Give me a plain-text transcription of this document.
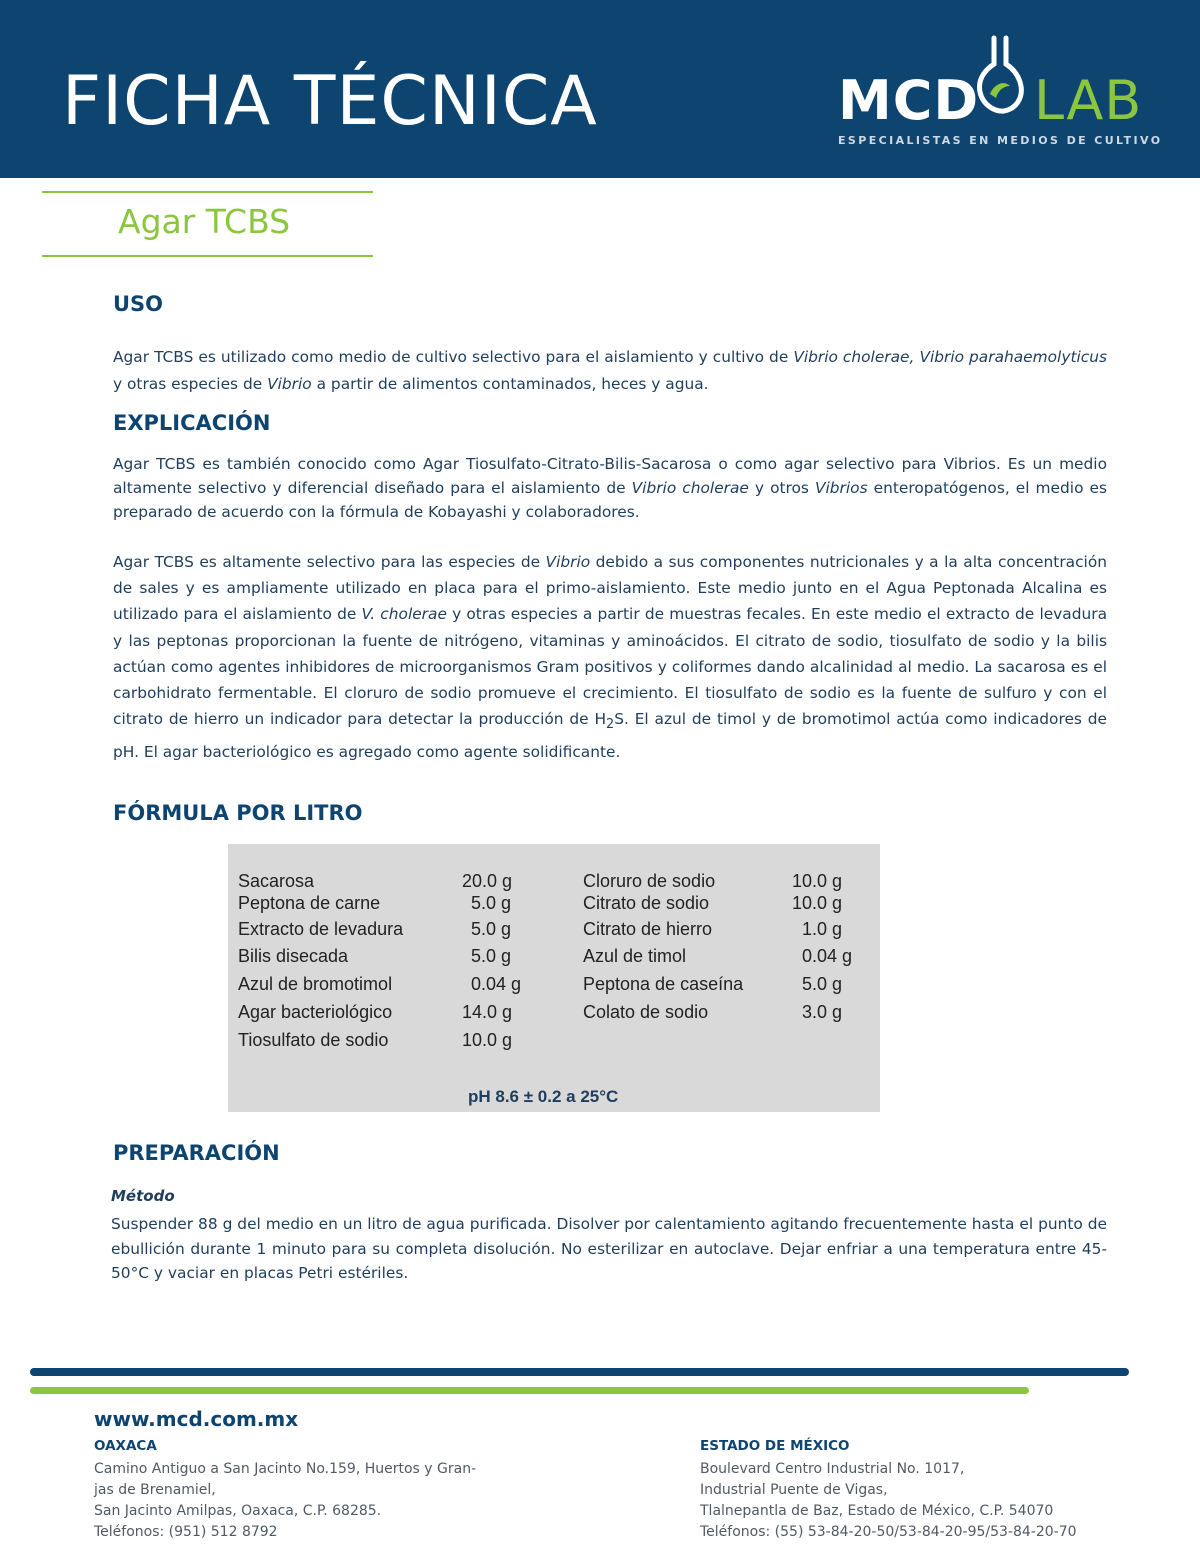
FICHA TÉCNICA	MCD LAB
ESPECIALISTAS EN MEDIOS DE CULTIVO
Agar TCBS
USO

Agar TCBS es utilizado como medio de cultivo selectivo para el aislamiento y cultivo de Vibrio cholerae, Vibrio parahaemolyticus y otras especies de Vibrio a partir de alimentos contaminados, heces y agua.

EXPLICACIÓN

Agar TCBS es también conocido como Agar Tiosulfato-Citrato-Bilis-Sacarosa o como agar selectivo para Vibrios. Es un medio altamente selectivo y diferencial diseñado para el aislamiento de Vibrio cholerae y otros Vibrios enteropatógenos, el medio es preparado de acuerdo con la fórmula de Kobayashi y colaboradores.

Agar TCBS es altamente selectivo para las especies de Vibrio debido a sus componentes nutricionales y a la alta concentración de sales y es ampliamente utilizado en placa para el primo-aislamiento. Este medio junto en el Agua Peptonada Alcalina es utilizado para el aislamiento de V. cholerae y otras especies a partir de muestras fecales. En este medio el extracto de levadura y las peptonas proporcionan la fuente de nitrógeno, vitaminas y aminoácidos. El citrato de sodio, tiosulfato de sodio y la bilis actúan como agentes inhibidores de microorganismos Gram positivos y coliformes dando alcalinidad al medio. La sacarosa es el carbohidrato fermentable. El cloruro de sodio promueve el crecimiento. El tiosulfato de sodio es la fuente de sulfuro y con el citrato de hierro un indicador para detectar la producción de $H_2S$. El azul de timol y de bromotimol actúa como indicadores de pH. El agar bacteriológico es agregado como agente solidificante.

FÓRMULA POR LITRO
Sacarosa	20.0 g
Peptona de carne	5.0 g
Extracto de levadura	5.0 g
Bilis disecada	5.0 g
Azul de bromotimol	0.04 g
Agar bacteriológico	14.0 g
Tiosulfato de sodio	10.0 g
Cloruro de sodio	10.0 g
Citrato de sodio	10.0 g
Citrato de hierro	1.0 g
Azul de timol	0.04 g
Peptona de caseína	5.0 g
Colato de sodio	3.0 g
pH 8.6 ± 0.2 a 25°C
PREPARACIÓN
Método

Suspender 88 g del medio en un litro de agua purificada. Disolver por calentamiento agitando frecuentemente hasta el punto de ebullición durante 1 minuto para su completa disolución. No esterilizar en autoclave. Dejar enfriar a una temperatura entre 45-50°C y vaciar en placas Petri estériles.

www.mcd.com.mx
OAXACA
Camino Antiguo a San Jacinto No.159, Huertos y Gran-
jas de Brenamiel,
San Jacinto Amilpas, Oaxaca, C.P. 68285.
Teléfonos: (951) 512 8792
ESTADO DE MÉXICO
Boulevard Centro Industrial No. 1017,
Industrial Puente de Vigas,
Tlalnepantla de Baz, Estado de México, C.P. 54070
Teléfonos: (55) 53-84-20-50/53-84-20-95/53-84-20-70
